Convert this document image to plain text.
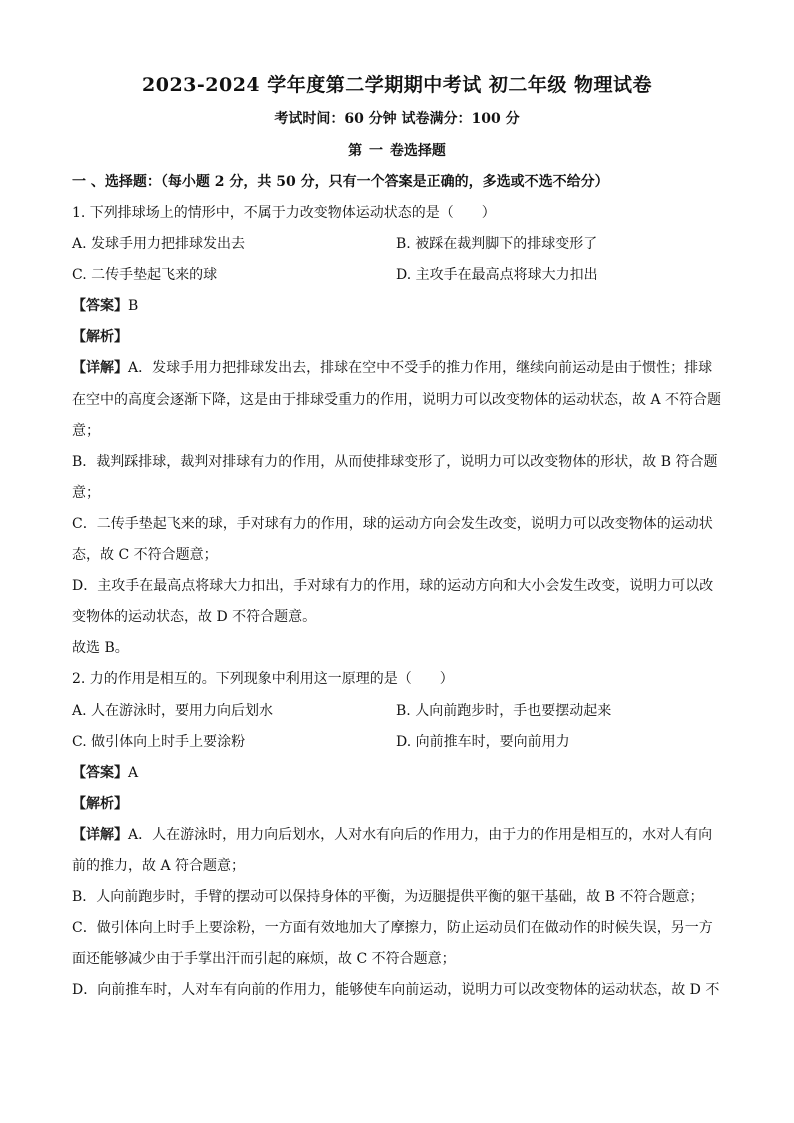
2023-2024 学年度第二学期期中考试 初二年级 物理试卷
考试时间：60 分钟 试卷满分：100 分
第 一 卷选择题
一 、选择题：（每小题 2 分，共 50 分，只有一个答案是正确的，多选或不选不给分）
1. 下列排球场上的情形中，不属于力改变物体运动状态的是（　　）
A. 发球手用力把排球发出去	B. 被踩在裁判脚下的排球变形了
C. 二传手垫起飞来的球	D. 主攻手在最高点将球大力扣出
【答案】B
【解析】
【详解】A．发球手用力把排球发出去，排球在空中不受手的推力作用，继续向前运动是由于惯性；排球
在空中的高度会逐渐下降，这是由于排球受重力的作用，说明力可以改变物体的运动状态，故 A 不符合题
意；
B．裁判踩排球，裁判对排球有力的作用，从而使排球变形了，说明力可以改变物体的形状，故 B 符合题
意；
C．二传手垫起飞来的球，手对球有力的作用，球的运动方向会发生改变，说明力可以改变物体的运动状
态，故 C 不符合题意；
D．主攻手在最高点将球大力扣出，手对球有力的作用，球的运动方向和大小会发生改变，说明力可以改
变物体的运动状态，故 D 不符合题意。
故选 B。
2. 力的作用是相互的。下列现象中利用这一原理的是（　　）
A. 人在游泳时，要用力向后划水	B. 人向前跑步时，手也要摆动起来
C. 做引体向上时手上要涂粉	D. 向前推车时，要向前用力
【答案】A
【解析】
【详解】A．人在游泳时，用力向后划水，人对水有向后的作用力，由于力的作用是相互的，水对人有向
前的推力，故 A 符合题意；
B．人向前跑步时，手臂的摆动可以保持身体的平衡，为迈腿提供平衡的躯干基础，故 B 不符合题意；
C．做引体向上时手上要涂粉，一方面有效地加大了摩擦力，防止运动员们在做动作的时候失误，另一方
面还能够减少由于手掌出汗而引起的麻烦，故 C 不符合题意；
D．向前推车时，人对车有向前的作用力，能够使车向前运动，说明力可以改变物体的运动状态，故 D 不
